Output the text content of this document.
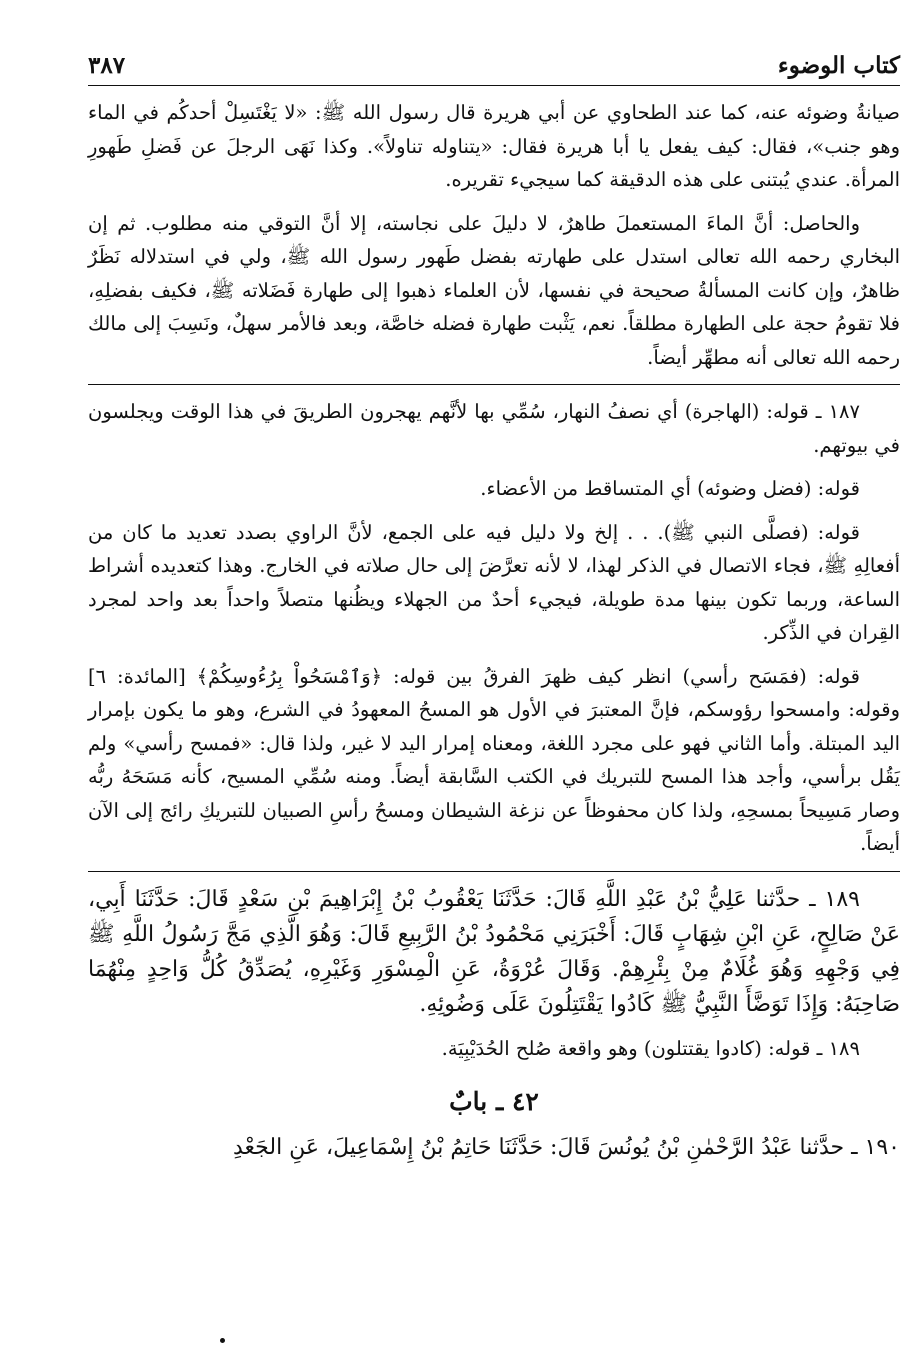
كتاب الوضوء
٣٨٧

صيانةُ وضوئه عنه، كما عند الطحاوي عن أبي هريرة قال رسول الله ﷺ: «لا يَغْتَسِلْ أحدكُم في الماء وهو جنب»، فقال: كيف يفعل يا أبا هريرة فقال: «يتناوله تناولاً». وكذا نَهَى الرجلَ عن فَضلِ طَهورِ المرأة. عندي يُبتنى على هذه الدقيقة كما سيجيء تقريره.

والحاصل: أنَّ الماءَ المستعملَ طاهرٌ، لا دليلَ على نجاسته، إلا أنَّ التوقي منه مطلوب. ثم إن البخاري رحمه الله تعالى استدل على طهارته بفضل طَهور رسول الله ﷺ، ولي في استدلاله نَظَرٌ ظاهرٌ، وإن كانت المسألةُ صحيحة في نفسها، لأن العلماء ذهبوا إلى طهارة فَضَلاته ﷺ، فكيف بفضلِهِ، فلا تقومُ حجة على الطهارة مطلقاً. نعم، يَثْبت طهارة فضله خاصَّة، وبعد فالأمر سهلٌ، ونَسِبَ إلى مالك رحمه الله تعالى أنه مطهِّر أيضاً.

١٨٧ ـ قوله: (الهاجرة) أي نصفُ النهار، سُمِّي بها لأنَّهم يهجرون الطريقَ في هذا الوقت ويجلسون في بيوتهم.

قوله: (فضل وضوئه) أي المتساقط من الأعضاء.

قوله: (فصلَّى النبي ﷺ). . . إلخ ولا دليل فيه على الجمع، لأنَّ الراوي بصدد تعديد ما كان من أفعالِهِ ﷺ، فجاء الاتصال في الذكر لهذا، لا لأنه تعرَّضَ إلى حال صلاته في الخارج. وهذا كتعديده أشراط الساعة، وربما تكون بينها مدة طويلة، فيجيء أحدٌ من الجهلاء ويظُنها متصلاً واحداً بعد واحد لمجرد القِران في الذِّكر.

قوله: (فمَسَح رأسي) انظر كيف ظهرَ الفرقُ بين قوله: ﴿وَٱمْسَحُواْ بِرُءُوسِكُمْ﴾ [المائدة: ٦] وقوله: وامسحوا رؤوسكم، فإنَّ المعتبرَ في الأول هو المسحُ المعهودُ في الشرع، وهو ما يكون بإمرار اليد المبتلة. وأما الثاني فهو على مجرد اللغة، ومعناه إمرار اليد لا غير، ولذا قال: «فمسح رأسي» ولم يَقُل برأسي، وأجد هذا المسح للتبريك في الكتب السَّابقة أيضاً. ومنه سُمِّي المسيح، كأنه مَسَحَهُ ربُّه وصار مَسِيحاً بمسحِهِ، ولذا كان محفوظاً عن نزغة الشيطان ومسحُ رأسِ الصبيان للتبريكِ رائج إلى الآن أيضاً.

١٨٩ ـ حدَّثنا عَلِيُّ بْنُ عَبْدِ اللَّهِ قَالَ: حَدَّثَنَا يَعْقُوبُ بْنُ إِبْرَاهِيمَ بْنِ سَعْدٍ قَالَ: حَدَّثَنَا أَبِي، عَنْ صَالِحٍ، عَنِ ابْنِ شِهَابٍ قَالَ: أَخْبَرَنِي مَحْمُودُ بْنُ الرَّبِيعِ قَالَ: وَهُوَ الَّذِي مَجَّ رَسُولُ اللَّهِ ﷺ فِي وَجْهِهِ وَهُوَ غُلَامٌ مِنْ بِئْرِهِمْ. وَقَالَ عُرْوَةُ، عَنِ الْمِسْوَرِ وَغَيْرِهِ، يُصَدِّقُ كُلُّ وَاحِدٍ مِنْهُمَا صَاحِبَهُ: وَإِذَا تَوَضَّأَ النَّبِيُّ ﷺ كَادُوا يَقْتَتِلُونَ عَلَى وَضُوئِهِ.

١٨٩ ـ قوله: (كادوا يقتتلون) وهو واقعة صُلح الحُدَيْبِيَة.

٤٢ ـ بابٌ

١٩٠ ـ حدَّثنا عَبْدُ الرَّحْمٰنِ بْنُ يُونُسَ قَالَ: حَدَّثَنَا حَاتِمُ بْنُ إِسْمَاعِيلَ، عَنِ الجَعْدِ
